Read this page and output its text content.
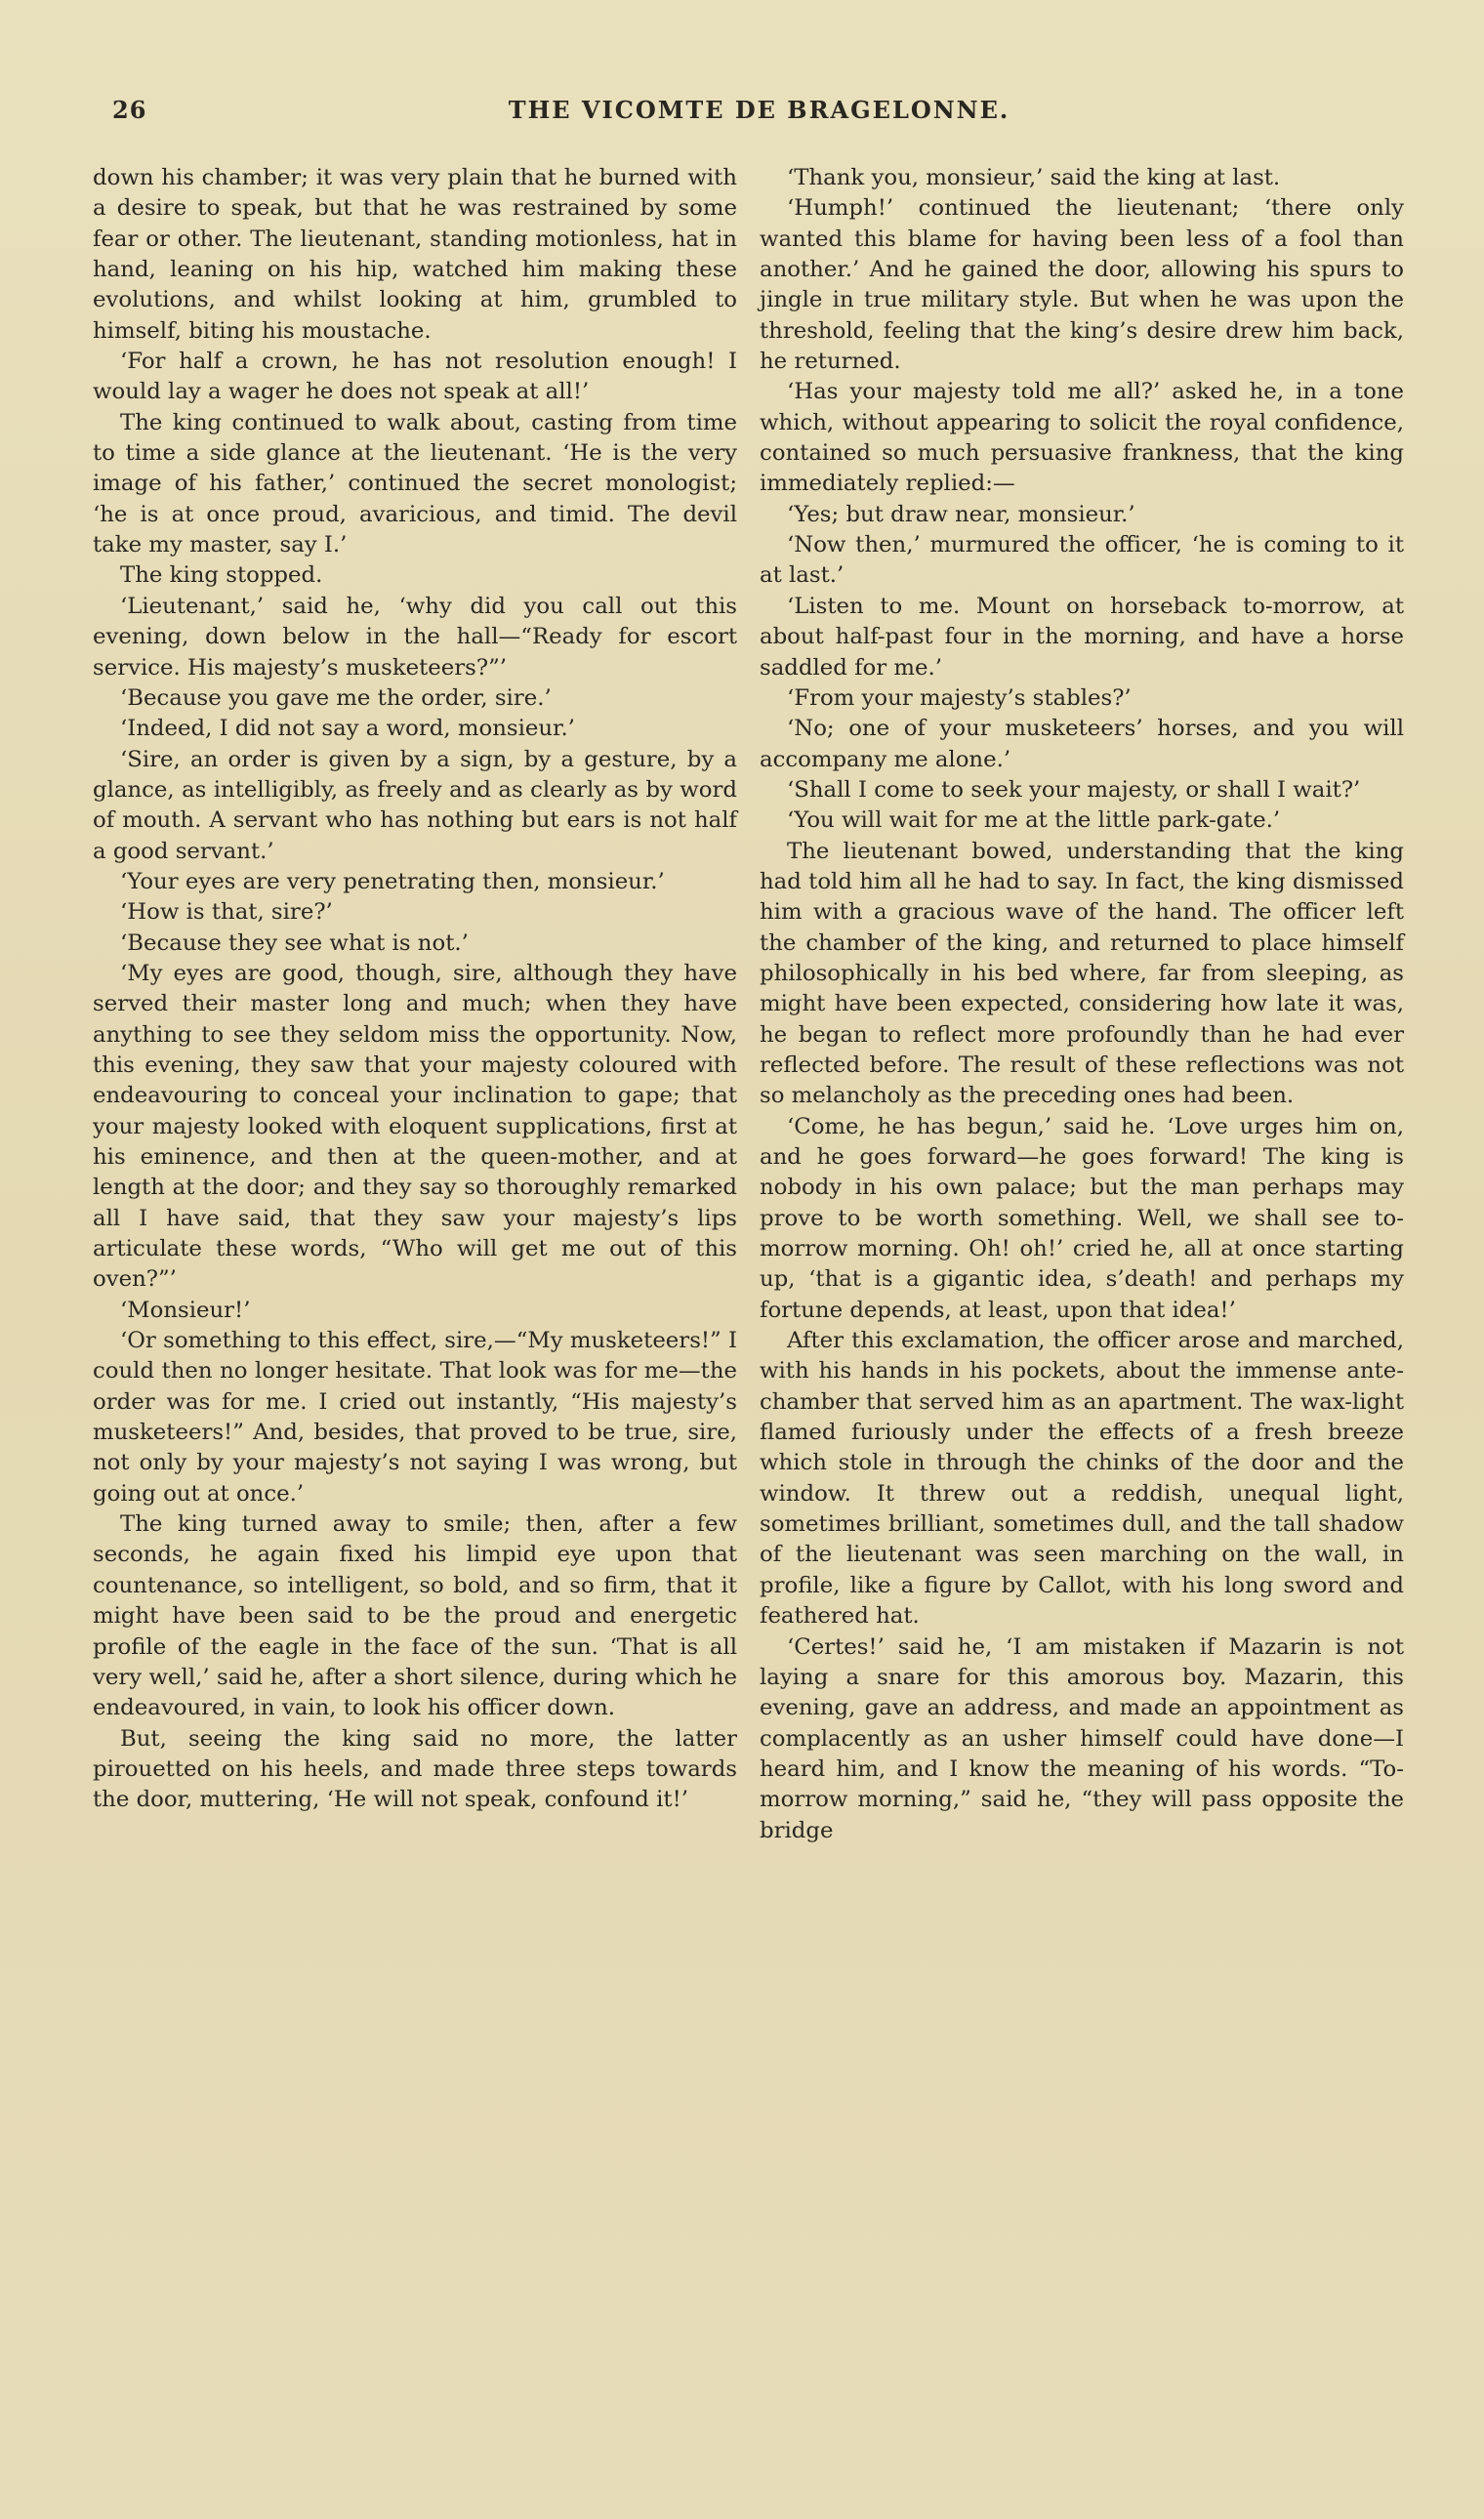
26	THE VICOMTE DE BRAGELONNE.

down his chamber; it was very plain that he burned with a desire to speak, but that he was restrained by some fear or other. The lieutenant, standing motionless, hat in hand, leaning on his hip, watched him making these evolutions, and whilst looking at him, grumbled to himself, biting his moustache.

‘For half a crown, he has not resolution enough! I would lay a wager he does not speak at all!’

The king continued to walk about, casting from time to time a side glance at the lieutenant. ‘He is the very image of his father,’ continued the secret monologist; ‘he is at once proud, avaricious, and timid. The devil take my master, say I.’

The king stopped.

‘Lieutenant,’ said he, ‘why did you call out this evening, down below in the hall—“Ready for escort service. His majesty’s musketeers?”’

‘Because you gave me the order, sire.’

‘Indeed, I did not say a word, monsieur.’

‘Sire, an order is given by a sign, by a gesture, by a glance, as intelligibly, as freely and as clearly as by word of mouth. A servant who has nothing but ears is not half a good servant.’

‘Your eyes are very penetrating then, monsieur.’

‘How is that, sire?’

‘Because they see what is not.’

‘My eyes are good, though, sire, although they have served their master long and much; when they have anything to see they seldom miss the opportunity. Now, this evening, they saw that your majesty coloured with endeavouring to conceal your inclination to gape; that your majesty looked with eloquent supplications, first at his eminence, and then at the queen-mother, and at length at the door; and they say so thoroughly remarked all I have said, that they saw your majesty’s lips articulate these words, “Who will get me out of this oven?”’

‘Monsieur!’

‘Or something to this effect, sire,—“My musketeers!” I could then no longer hesitate. That look was for me—the order was for me. I cried out instantly, “His majesty’s musketeers!” And, besides, that proved to be true, sire, not only by your majesty’s not saying I was wrong, but going out at once.’

The king turned away to smile; then, after a few seconds, he again fixed his limpid eye upon that countenance, so intelligent, so bold, and so firm, that it might have been said to be the proud and energetic profile of the eagle in the face of the sun. ‘That is all very well,’ said he, after a short silence, during which he endeavoured, in vain, to look his officer down.

But, seeing the king said no more, the latter pirouetted on his heels, and made three steps towards the door, muttering, ‘He will not speak, confound it!’

‘Thank you, monsieur,’ said the king at last.

‘Humph!’ continued the lieutenant; ‘there only wanted this blame for having been less of a fool than another.’ And he gained the door, allowing his spurs to jingle in true military style. But when he was upon the threshold, feeling that the king’s desire drew him back, he returned.

‘Has your majesty told me all?’ asked he, in a tone which, without appearing to solicit the royal confidence, contained so much persuasive frankness, that the king immediately replied:—

‘Yes; but draw near, monsieur.’

‘Now then,’ murmured the officer, ‘he is coming to it at last.’

‘Listen to me. Mount on horseback to-morrow, at about half-past four in the morning, and have a horse saddled for me.’

‘From your majesty’s stables?’

‘No; one of your musketeers’ horses, and you will accompany me alone.’

‘Shall I come to seek your majesty, or shall I wait?’

‘You will wait for me at the little park-gate.’

The lieutenant bowed, understanding that the king had told him all he had to say. In fact, the king dismissed him with a gracious wave of the hand. The officer left the chamber of the king, and returned to place himself philosophically in his bed where, far from sleeping, as might have been expected, considering how late it was, he began to reflect more profoundly than he had ever reflected before. The result of these reflections was not so melancholy as the preceding ones had been.

‘Come, he has begun,’ said he. ‘Love urges him on, and he goes forward—he goes forward! The king is nobody in his own palace; but the man perhaps may prove to be worth something. Well, we shall see to-morrow morning. Oh! oh!’ cried he, all at once starting up, ‘that is a gigantic idea, s’death! and perhaps my fortune depends, at least, upon that idea!’

After this exclamation, the officer arose and marched, with his hands in his pockets, about the immense ante-chamber that served him as an apartment. The wax-light flamed furiously under the effects of a fresh breeze which stole in through the chinks of the door and the window. It threw out a reddish, unequal light, sometimes brilliant, sometimes dull, and the tall shadow of the lieutenant was seen marching on the wall, in profile, like a figure by Callot, with his long sword and feathered hat.

‘Certes!’ said he, ‘I am mistaken if Mazarin is not laying a snare for this amorous boy. Mazarin, this evening, gave an address, and made an appointment as complacently as an usher himself could have done—I heard him, and I know the meaning of his words. “To-morrow morning,” said he, “they will pass opposite the bridge
